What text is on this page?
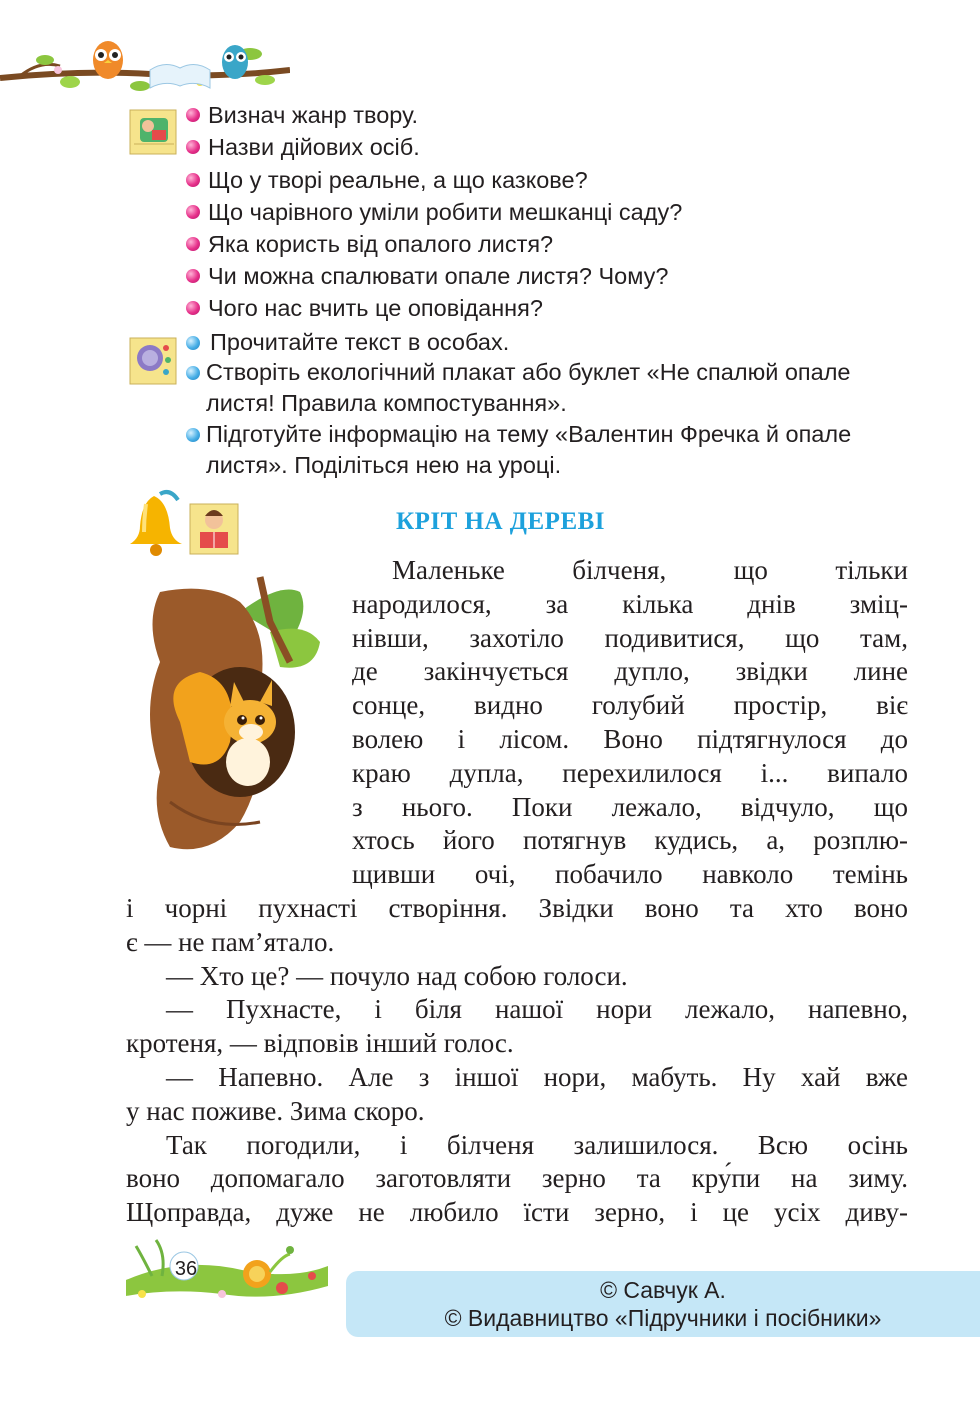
Визнач жанр твору.
Назви дійових осіб.
Що у творі реальне, а що казкове?
Що чарівного уміли робити мешканці саду?
Яка користь від опалого листя?
Чи можна спалювати опале листя? Чому?
Чого нас вчить це оповідання?
Прочитайте текст в особах.
Створіть екологічний плакат або буклет «Не спалюй опале листя! Правила компостування».
Підготуйте інформацію на тему «Валентин Фречка й опале листя». Поділіться нею на уроці.
КРІТ НА ДЕРЕВІ

Маленьке білченя, що тільки

народилося, за кілька днів зміц-

нівши, захотіло подивитися, що там,

де закінчується дупло, звідки лине

сонце, видно голубий простір, віє

волею і лісом. Воно підтягнулося до

краю дупла, перехилилося і... випало

з нього. Поки лежало, відчуло, що

хтось його потягнув кудись, а, розплю-

щивши очі, побачило навколо темінь

і чорні пухнасті створіння. Звідки воно та хто воно

є — не пам’ятало.

— Хто це? — почуло над собою голоси.

— Пухнасте, і біля нашої нори лежало, напевно,

кротеня, — відповів інший голос.

— Напевно. Але з іншої нори, мабуть. Ну хай вже

у нас поживе. Зима скоро.

Так погодили, і білченя залишилося. Всю осінь

воно допомагало заготовляти зерно та кру́пи на зиму.

Щоправда, дуже не любило їсти зерно, і це усіх диву-

36
© Савчук А.
© Видавництво «Підручники і посібники»
